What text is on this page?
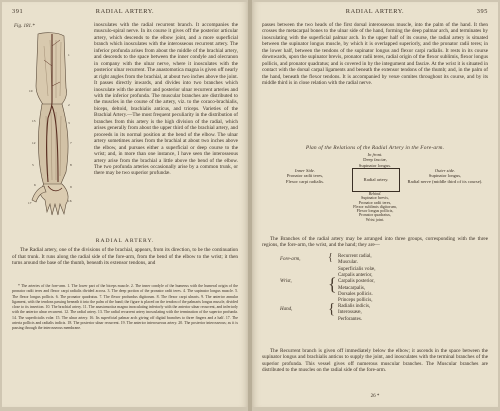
391	RADIAL ARTERY.
Fig. 181.*
1
10
2
13	3
12	7
5	8
6	9
17	16

inosculates with the radial recurrent branch. It accompanies the musculo-spiral nerve. In its course it gives off the posterior articular artery, which descends to the elbow joint, and a more superficial branch which inosculates with the interosseous recurrent artery. The inferior profunda arises from about the middle of the brachial artery, and descends to the space between the inner condyle and olecranon in company with the ulnar nerve, where it inosculates with the posterior ulnar recurrent. The anastomotica magna is given off nearly at right angles from the brachial, at about two inches above the joint. It passes directly inwards, and divides into two branches which inosculate with the anterior and posterior ulnar recurrent arteries and with the inferior profunda. The muscular branches are distributed to the muscles in the course of the artery, viz. to the coraco-brachialis, biceps, deltoid, brachialis anticus, and triceps. Varieties of the Brachial Artery.—The most frequent peculiarity in the distribution of branches from this artery is the high division of the radial, which arises generally from about the upper third of the brachial artery, and proceeds in its normal position at the bend of the elbow. The ulnar artery sometimes arises from the brachial at about two inches above the elbow, and pursues either a superficial or deep course to the wrist; and, in more than one instance, I have seen the interosseous artery arise from the brachial a little above the bend of the elbow. The two profunda arteries occasionally arise by a common trunk, or there may be two superior profundæ.

RADIAL ARTERY.

The Radial artery, one of the divisions of the brachial, appears, from its direction, to be the continuation of that trunk. It runs along the radial side of the fore-arm, from the bend of the elbow to the wrist; it then turns around the base of the thumb, beneath its extensor tendons, and

* The arteries of the fore-arm. 1. The lower part of the biceps muscle. 2. The inner condyle of the humerus with the humeral origin of the pronator radii teres and flexor carpi radialis divided across. 3. The deep portion of the pronator radii teres. 4. The supinator longus muscle. 5. The flexor longus pollicis. 6. The pronator quadratus. 7. The flexor profundus digitorum. 8. The flexor carpi ulnaris. 9. The anterior annular ligament, with the tendons passing beneath it into the palm of the hand; the figure is placed on the tendon of the palmaris longus muscle, divided close to its insertion. 10. The brachial artery. 11. The anastomotica magna inosculating inferiorly with the anterior ulnar recurrent, and inferiorly with the anterior ulnar recurrent. 12. The radial artery. 13. The radial recurrent artery inosculating with the termination of the superior profunda. 14. The superficialis volæ. 15. The ulnar artery. 16. Its superficial palmar arch giving off digital branches to three fingers and a half. 17. The arteria pollicis and radialis indicis. 18. The posterior ulnar recurrent. 19. The anterior interosseous artery. 20. The posterior interosseous; as it is passing through the interosseous membrane.

RADIAL ARTERY.	395

passes between the two heads of the first dorsal interosseous muscle, into the palm of the hand. It then crosses the metacarpal bones to the ulnar side of the hand, forming the deep palmar arch, and terminates by inosculating with the superficial palmar arch. In the upper half of its course, the radial artery is situated between the supinator longus muscle, by which it is overlapped superiorly, and the pronator radii teres; in the lower half, between the tendons of the supinator longus and flexor carpi radialis. It rests in its course downwards, upon the supinator brevis, pronator radii teres, radial origin of the flexor sublimis, flexor longus pollicis, and pronator quadratus; and is covered in by the integument and fasciæ. At the wrist it is situated in contact with the dorsal carpal ligaments and beneath the extensor tendons of the thumb; and, in the palm of the hand, beneath the flexor tendons. It is accompanied by venæ comites throughout its course, and by its middle third is in close relation with the radial nerve.

Plan of the Relations of the Radial Artery in the Fore-arm.
In front.
Deep fasciæ,
Supinator longus.
Inner Side.
Pronator radii teres,
Flexor carpi radialis.	Radial artery.
Outer side.
Supinator longus,
Radial nerve (middle third of its course).
Behind.
Supinator brevis,
Pronator radii teres,
Flexor sublimis digitorum,
Flexor longus pollicis,
Pronator quadratus,
Wrist joint.

The Branches of the radial artery may be arranged into three groups, corresponding with the three regions, the fore-arm, the wrist, and the hand; they are—

Fore-arm,	{ Recurrent radial,
Muscular.
Wrist, {
Superficialis volæ,
Carpalis anterior,
Carpalis posterior,
Metacarpalis,
Dorsales pollicis.
Hand, {
Princeps pollicis,
Radialis indicis,
Interossææ,
Perforantes.

The Recurrent branch is given off immediately below the elbow; it ascends in the space between the supinator longus and brachialis anticus to supply the joint, and inosculates with the terminal branches of the superior profunda. This vessel gives off numerous muscular branches. The Muscular branches are distributed to the muscles on the radial side of the fore-arm.

26 *
